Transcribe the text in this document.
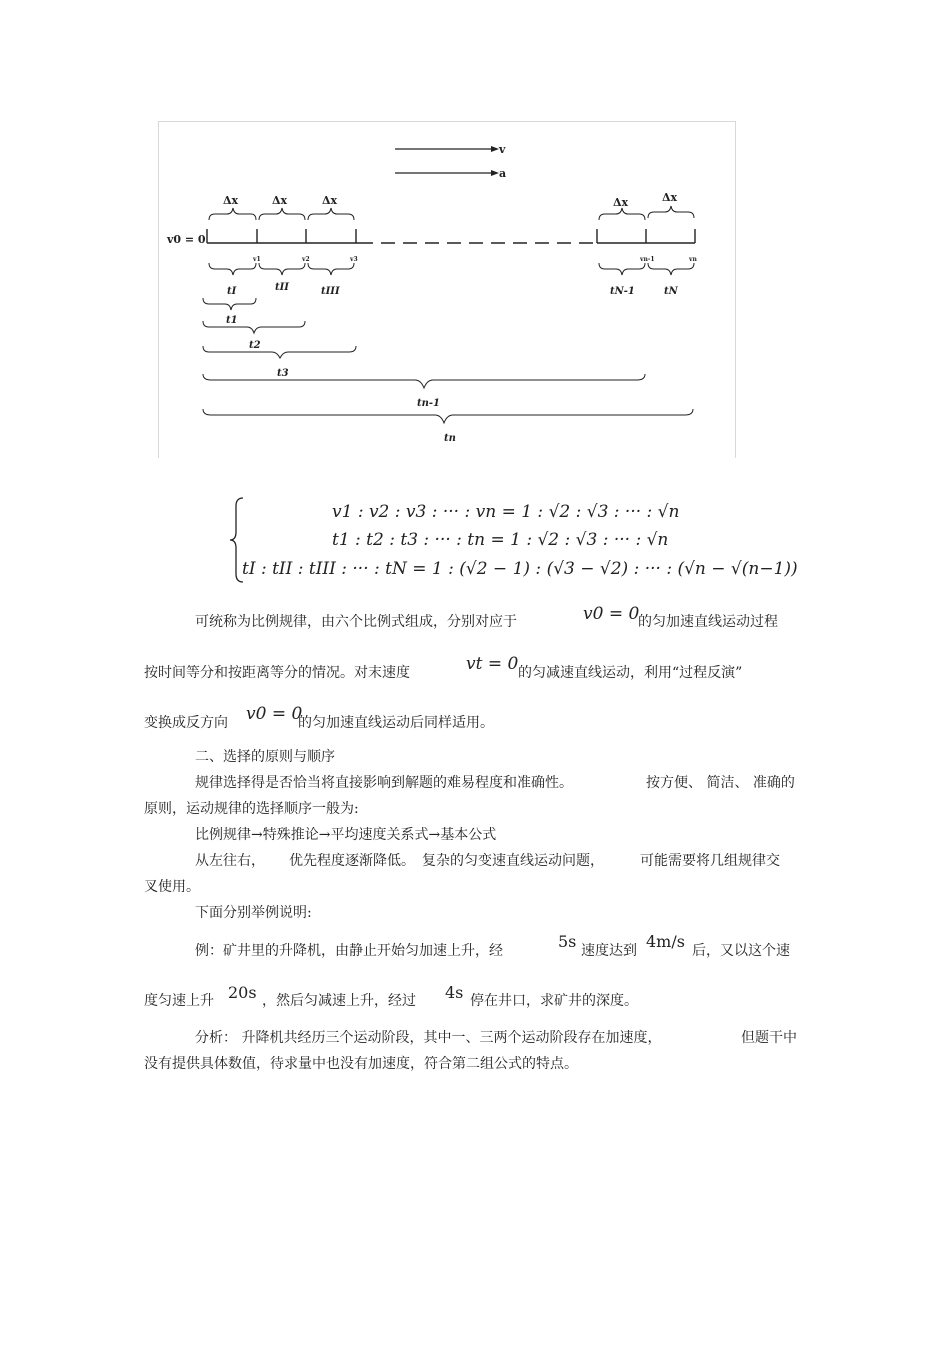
v
a
v0 = 0
Δx	Δx	Δx	Δx	Δx
v1	v2	v3	vn-1	vn
tI	tII	tIII	tN-1	tN
t1
t2
t3
tn-1
tn
v1 : v2 : v3 : ··· : vn = 1 : √2 : √3 : ··· : √n
t1 : t2 : t3 : ··· : tn = 1 : √2 : √3 : ··· : √n
tI : tII : tIII : ··· : tN = 1 : (√2 − 1) : (√3 − √2) : ··· : (√n − √(n−1))
可统称为比例规律，由六个比例式组成，分别对应于	v0 = 0
的匀加速直线运动过程
按时间等分和按距离等分的情况。对末速度	vt = 0 的匀减速直线运动，利用“过程反演”
变换成反方向 v0 = 0
的匀加速直线运动后同样适用。
二、选择的原则与顺序
规律选择得是否恰当将直接影响到解题的难易程度和准确性。	按方便、 简洁、 准确的
原则，运动规律的选择顺序一般为:
比例规律→特殊推论→平均速度关系式→基本公式
从左往右， 优先程度逐渐降低。 复杂的匀变速直线运动问题，	可能需要将几组规律交
叉使用。
下面分别举例说明:
例：矿井里的升降机，由静止开始匀加速上升，经	5s 速度达到 4m/s 后，又以这个速
度匀速上升 20s ，然后匀减速上升，经过 4s 停在井口，求矿井的深度。
分析： 升降机共经历三个运动阶段，其中一、三两个运动阶段存在加速度，	但题干中
没有提供具体数值，待求量中也没有加速度，符合第二组公式的特点。
